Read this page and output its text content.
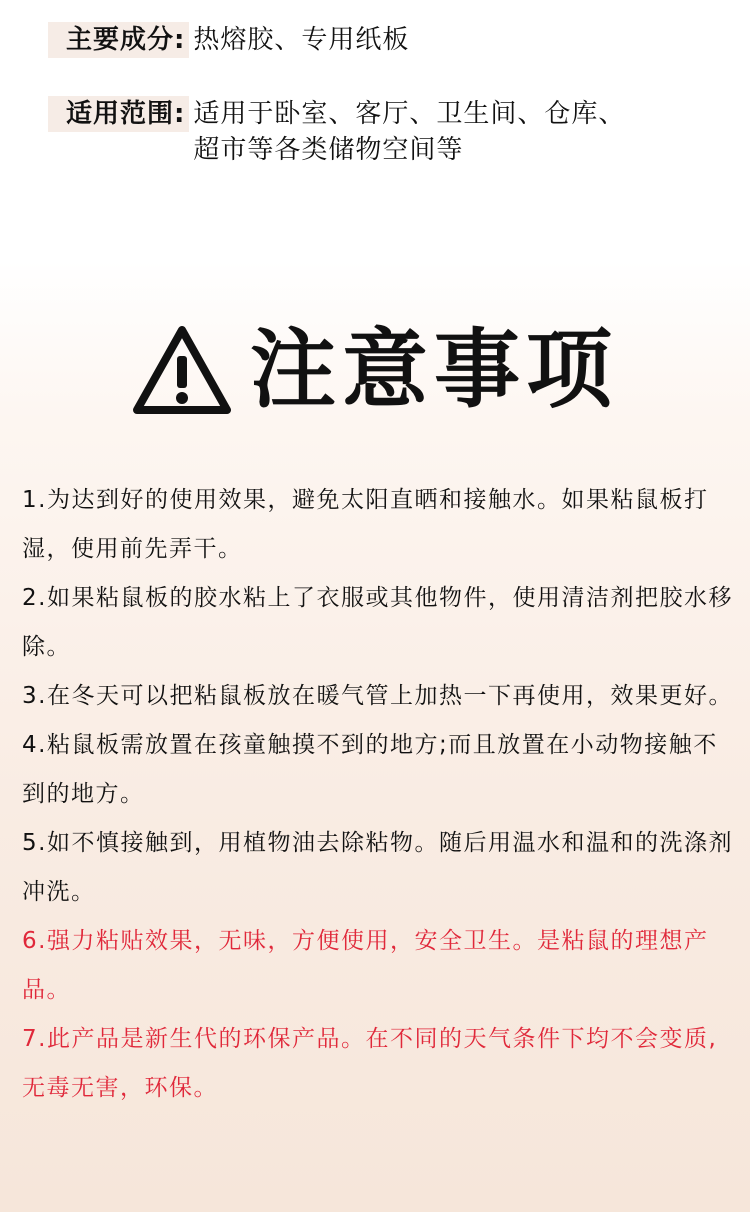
主要成分: 热熔胶、专用纸板
适用范围: 适用于卧室、客厅、卫生间、仓库、
超市等各类储物空间等
注意事项
1.为达到好的使用效果，避免太阳直晒和接触水。如果粘鼠板打湿，使用前先弄干。
2.如果粘鼠板的胶水粘上了衣服或其他物件，使用清洁剂把胶水移除。
3.在冬天可以把粘鼠板放在暖气管上加热一下再使用，效果更好。
4.粘鼠板需放置在孩童触摸不到的地方;而且放置在小动物接触不到的地方。
5.如不慎接触到，用植物油去除粘物。随后用温水和温和的洗涤剂冲洗。
6.强力粘贴效果，无味，方便使用，安全卫生。是粘鼠的理想产品。
7.此产品是新生代的环保产品。在不同的天气条件下均不会变质,无毒无害，环保。
